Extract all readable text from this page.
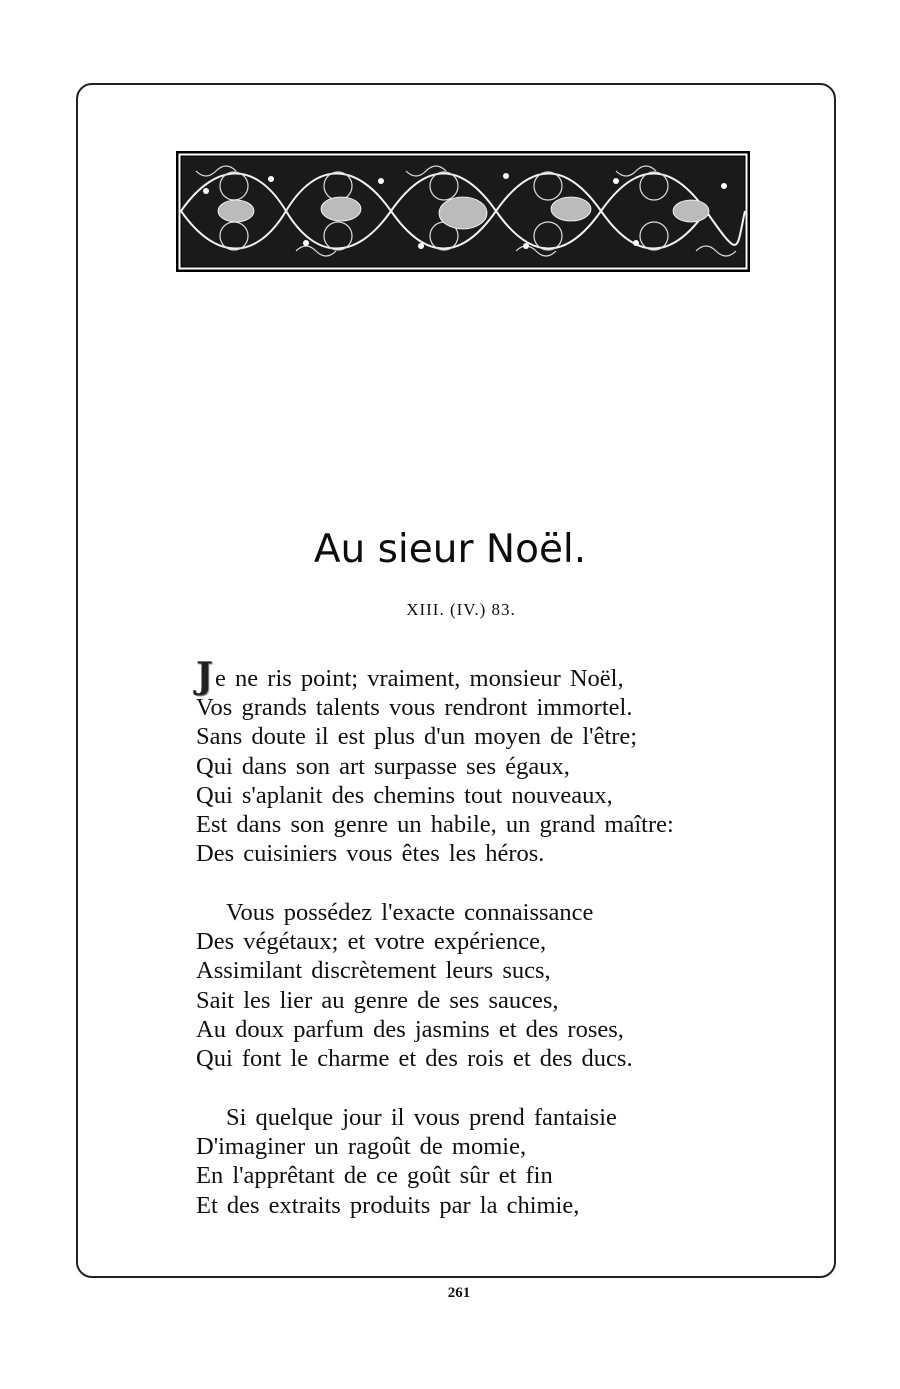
Au sieur Noël.
XIII. (IV.) 83.
Je ne ris point; vraiment, monsieur Noël,
Vos grands talents vous rendront immortel.
Sans doute il est plus d'un moyen de l'être;
Qui dans son art surpasse ses égaux,
Qui s'aplanit des chemins tout nouveaux,
Est dans son genre un habile, un grand maître:
Des cuisiniers vous êtes les héros.
Vous possédez l'exacte connaissance
Des végétaux; et votre expérience,
Assimilant discrètement leurs sucs,
Sait les lier au genre de ses sauces,
Au doux parfum des jasmins et des roses,
Qui font le charme et des rois et des ducs.
Si quelque jour il vous prend fantaisie
D'imaginer un ragoût de momie,
En l'apprêtant de ce goût sûr et fin
Et des extraits produits par la chimie,
261
